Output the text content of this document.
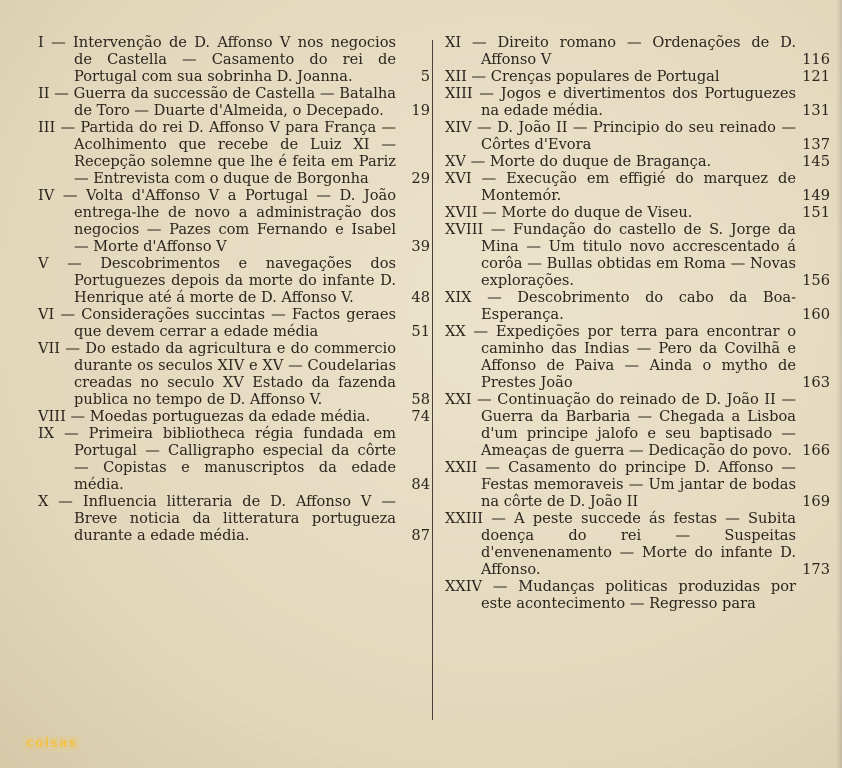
I — Intervenção de D. Affonso V nos negocios de Castella — Casamento do rei de Portugal com sua sobrinha D. Joanna.	5
II — Guerra da successão de Castella — Batalha de Toro — Duarte d'Almeida, o Decepado.	19
III — Partida do rei D. Affonso V para França — Acolhimento que recebe de Luiz XI — Recepção solemne que lhe é feita em Pariz — Entrevista com o duque de Borgonha	29
IV — Volta d'Affonso V a Portugal — D. João entrega-lhe de novo a administração dos negocios — Pazes com Fernando e Isabel — Morte d'Affonso V	39
V — Descobrimentos e navegações dos Portuguezes depois da morte do infante D. Henrique até á morte de D. Affonso V.	48
VI — Considerações succintas — Factos geraes que devem cerrar a edade média	51
VII — Do estado da agricultura e do commercio durante os seculos XIV e XV — Coudelarias creadas no seculo XV Estado da fazenda publica no tempo de D. Affonso V.	58
VIII — Moedas portuguezas da edade média.	74
IX — Primeira bibliotheca régia fundada em Portugal — Calligrapho especial da côrte — Copistas e manuscriptos da edade média.	84
X — Influencia litteraria de D. Affonso V — Breve noticia da litteratura portugueza durante a edade média.	87
XI — Direito romano — Ordenações de D. Affonso V	116
XII — Crenças populares de Portugal	121
XIII — Jogos e divertimentos dos Portuguezes na edade média.	131
XIV — D. João II — Principio do seu reinado — Côrtes d'Evora	137
XV — Morte do duque de Bragança.	145
XVI — Execução em effigié do marquez de Montemór.	149
XVII — Morte do duque de Viseu.	151
XVIII — Fundação do castello de S. Jorge da Mina — Um titulo novo accrescentado á corôa — Bullas obtidas em Roma — Novas explorações.	156
XIX — Descobrimento do cabo da Boa-Esperança.	160
XX — Expedições por terra para encontrar o caminho das Indias — Pero da Covilhã e Affonso de Paiva — Ainda o mytho de Prestes João	163
XXI — Continuação do reinado de D. João II — Guerra da Barbaria — Chegada a Lisboa d'um principe jalofo e seu baptisado — Ameaças de guerra — Dedicação do povo. 166
XXII — Casamento do principe D. Affonso — Festas memoraveis — Um jantar de bodas na côrte de D. João II	169
XXIII — A peste succede ás festas — Subita doença do rei — Suspeitas d'envenenamento — Morte do infante D. Affonso.	173
XXIV — Mudanças politicas produzidas por este acontecimento — Regresso para
coisas
